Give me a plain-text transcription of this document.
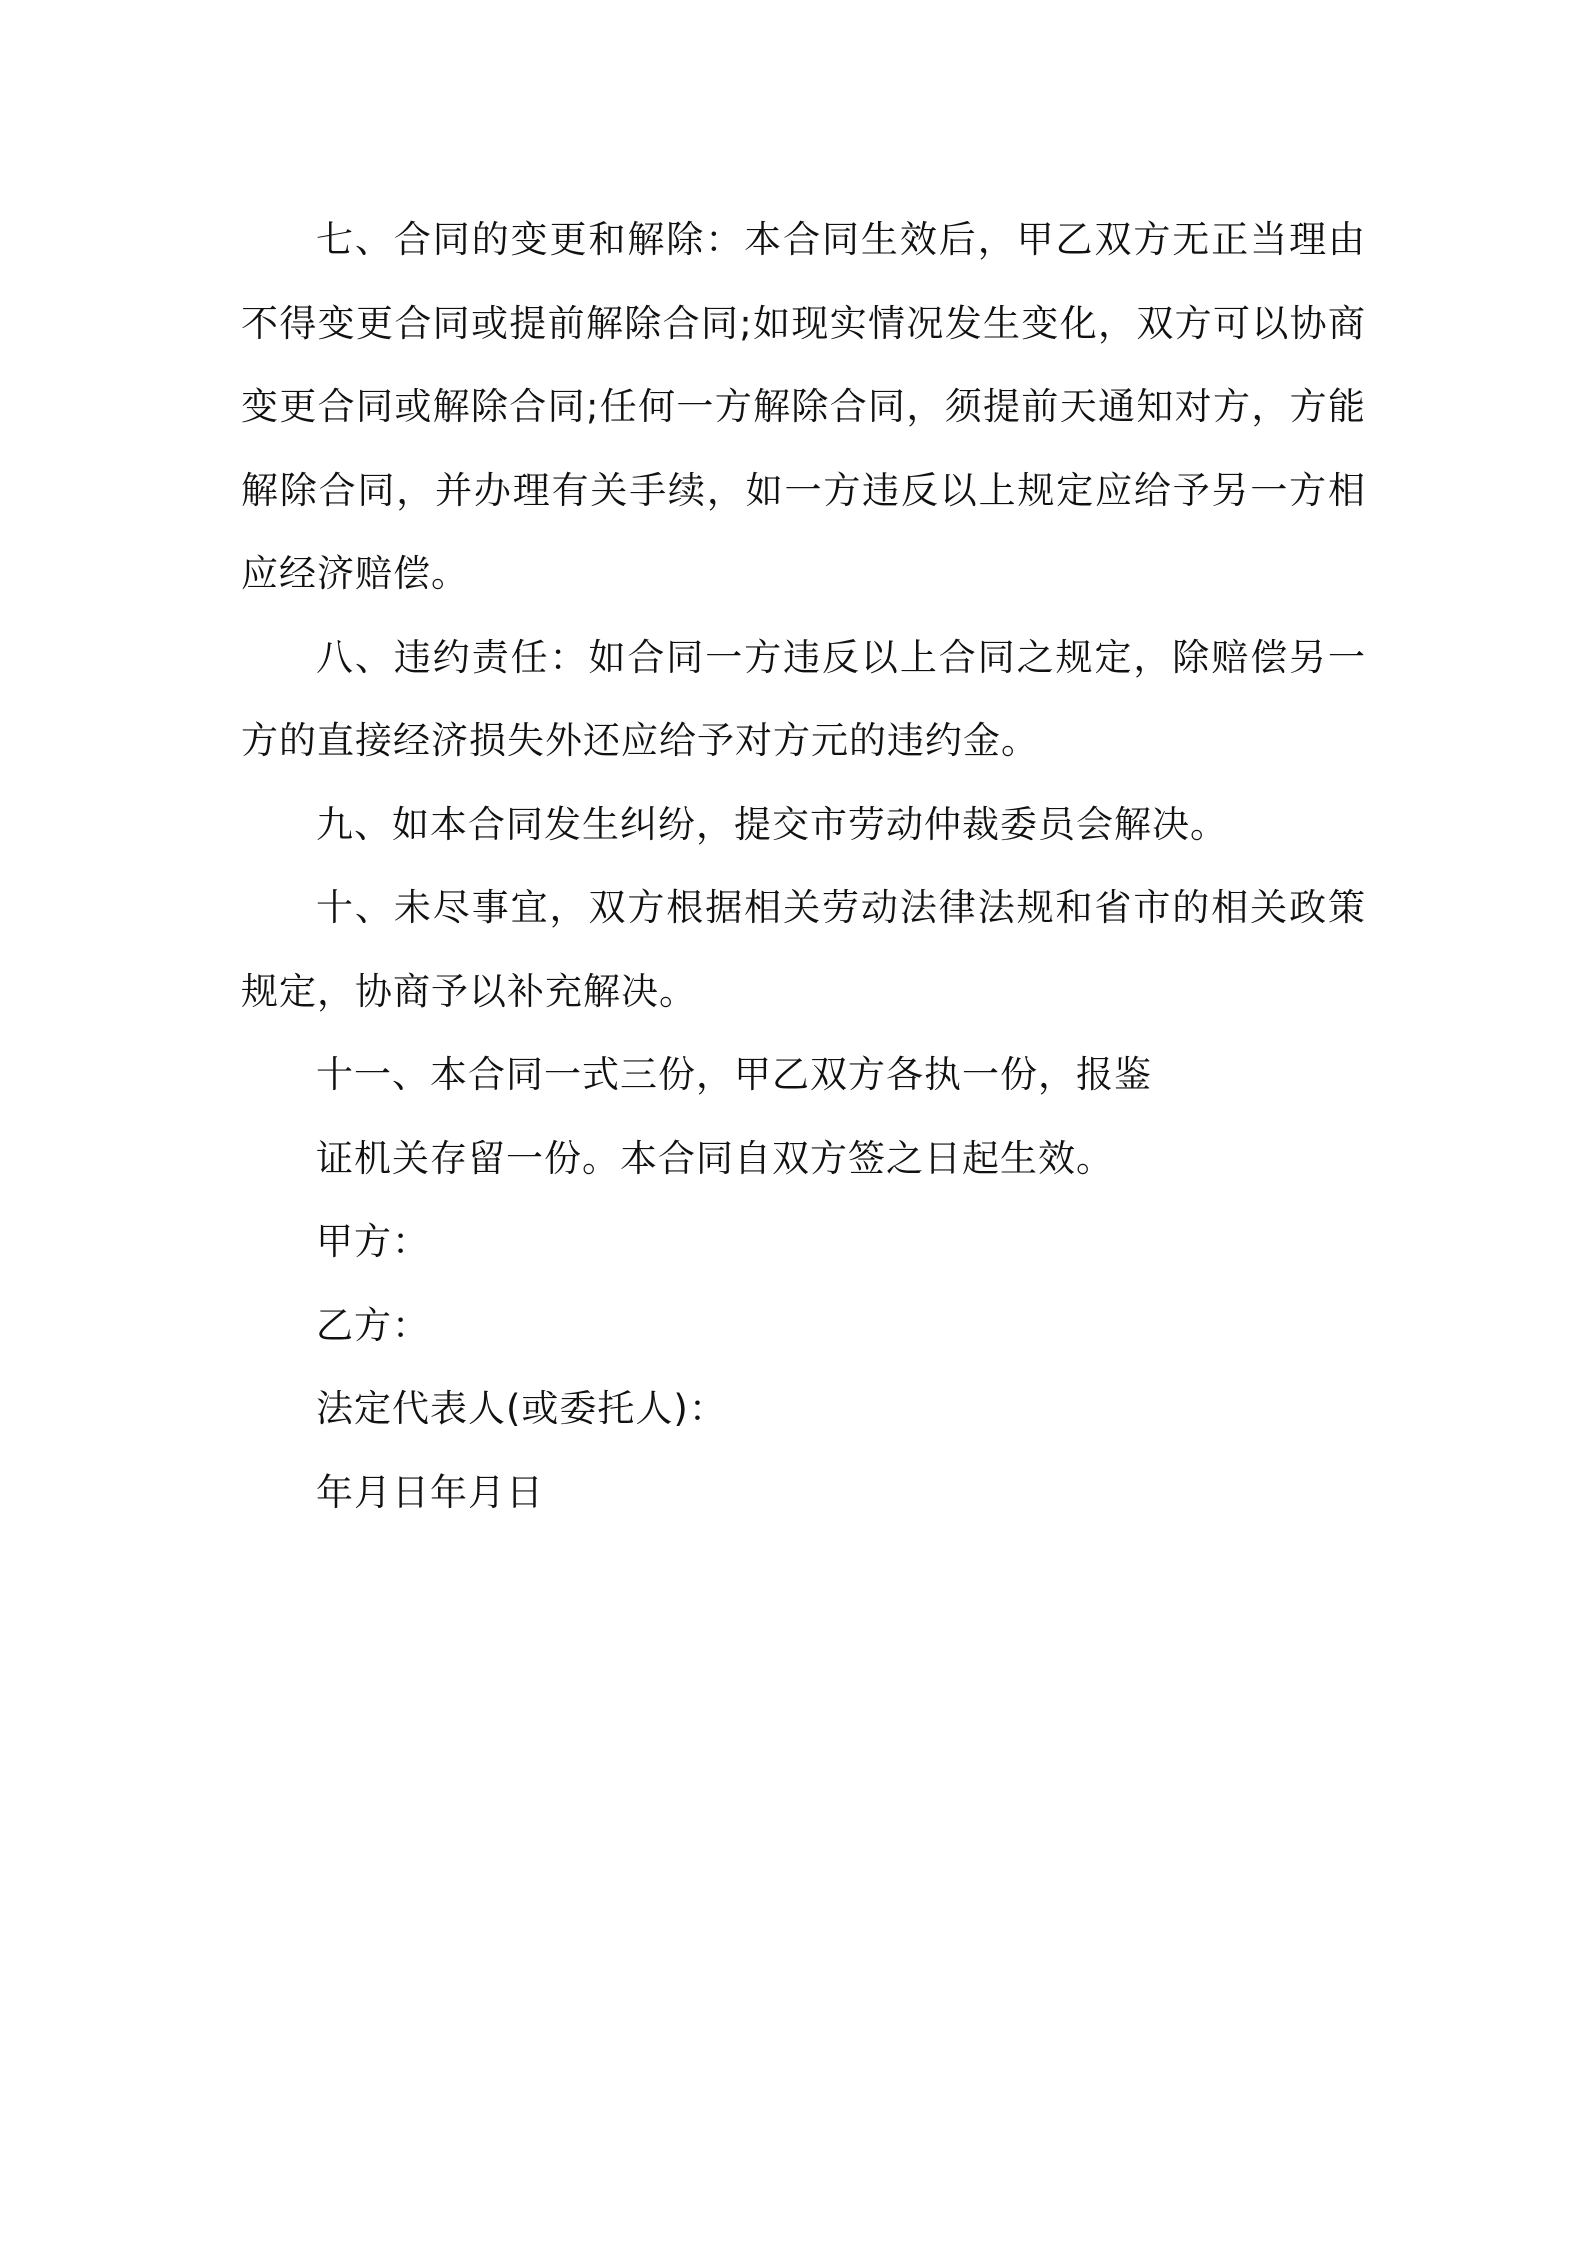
七、合同的变更和解除：本合同生效后，甲乙双方无正当理由不得变更合同或提前解除合同;如现实情况发生变化，双方可以协商变更合同或解除合同;任何一方解除合同，须提前天通知对方，方能解除合同，并办理有关手续，如一方违反以上规定应给予另一方相应经济赔偿。

八、违约责任：如合同一方违反以上合同之规定，除赔偿另一方的直接经济损失外还应给予对方元的违约金。

九、如本合同发生纠纷，提交市劳动仲裁委员会解决。

十、未尽事宜，双方根据相关劳动法律法规和省市的相关政策规定，协商予以补充解决。

十一、本合同一式三份，甲乙双方各执一份，报鉴

证机关存留一份。本合同自双方签之日起生效。

甲方：

乙方：

法定代表人(或委托人)：

年月日年月日
